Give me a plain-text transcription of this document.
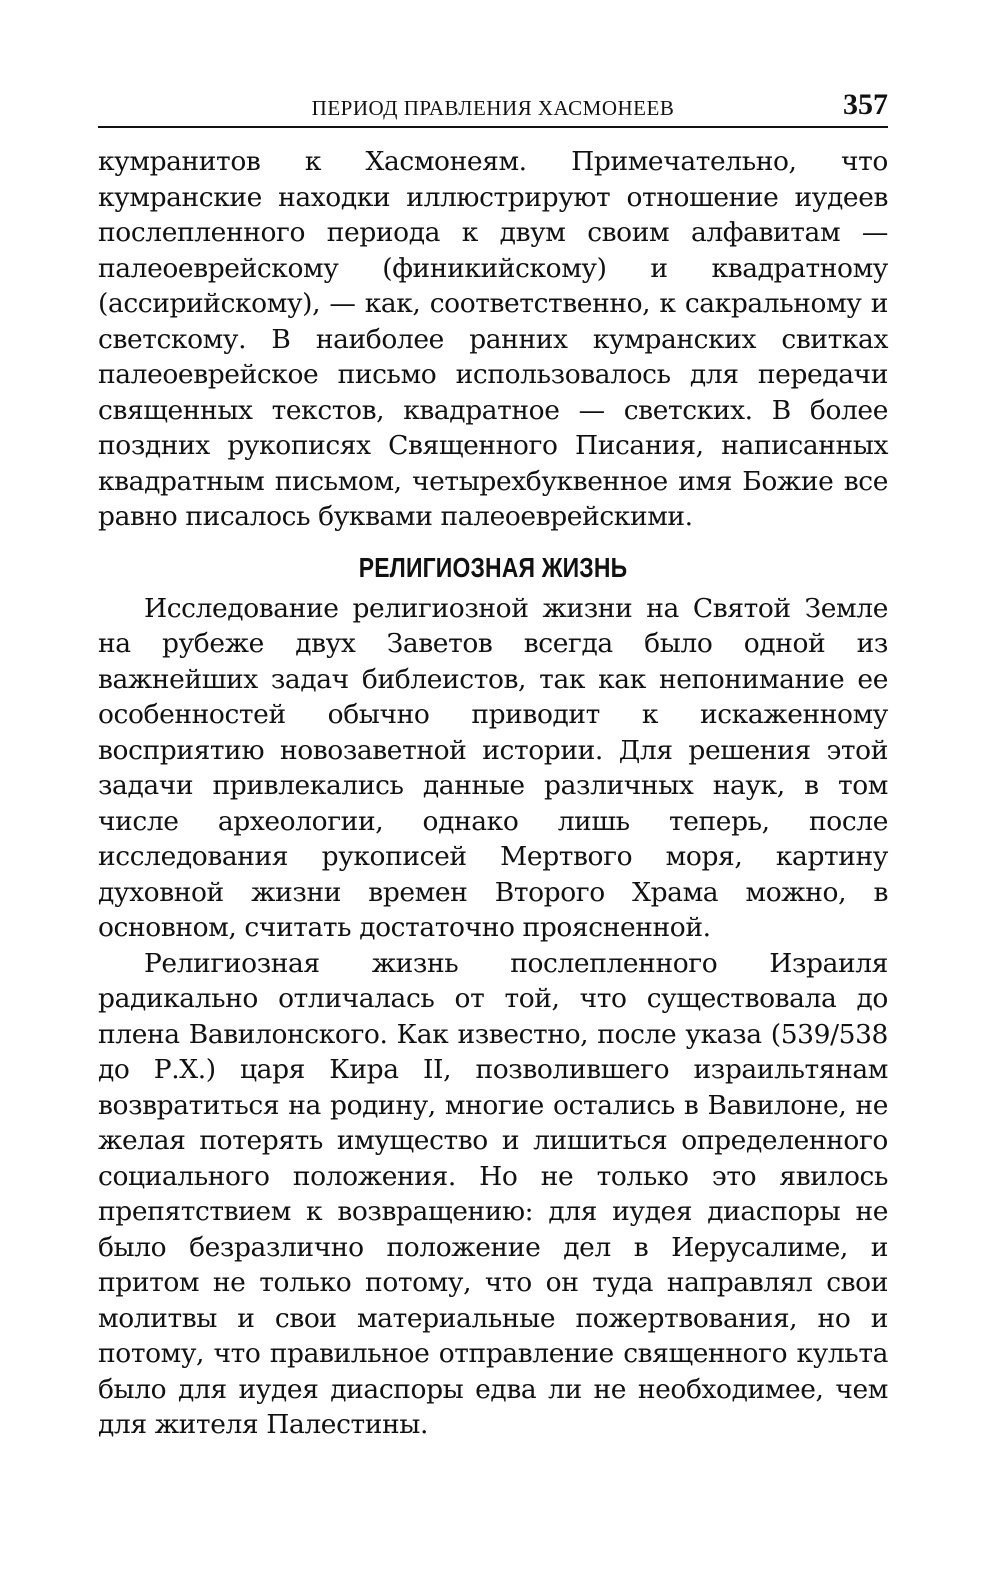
ПЕРИОД ПРАВЛЕНИЯ ХАСМОНЕЕВ	357

кумранитов к Хасмонеям. Примечательно, что кумранские находки иллюстрируют отношение иудеев послепленного периода к двум своим алфавитам — палеоеврейскому (финикийскому) и квадратному (ассирийскому), — как, соответственно, к сакральному и светскому. В наиболее ранних кумранских свитках палеоеврейское письмо использовалось для передачи священных текстов, квадратное — светских. В более поздних рукописях Священного Писания, написанных квадратным письмом, четырехбуквенное имя Божие все равно писалось буквами палеоеврейскими.

РЕЛИГИОЗНАЯ ЖИЗНЬ

Исследование религиозной жизни на Святой Земле на рубеже двух Заветов всегда было одной из важнейших задач библеистов, так как непонимание ее особенностей обычно приводит к искаженному восприятию новозаветной истории. Для решения этой задачи привлекались данные различных наук, в том числе археологии, однако лишь теперь, после исследования рукописей Мертвого моря, картину духовной жизни времен Второго Храма можно, в основном, считать достаточно проясненной.

Религиозная жизнь послепленного Израиля радикально отличалась от той, что существовала до плена Вавилонского. Как известно, после указа (539/538 до Р.Х.) царя Кира II, позволившего израильтянам возвратиться на родину, многие остались в Вавилоне, не желая потерять имущество и лишиться определенного социального положения. Но не только это явилось препятствием к возвращению: для иудея диаспоры не было безразлично положение дел в Иерусалиме, и притом не только потому, что он туда направлял свои молитвы и свои материальные пожертвования, но и потому, что правильное отправление священного культа было для иудея диаспоры едва ли не необходимее, чем для жителя Палестины.
